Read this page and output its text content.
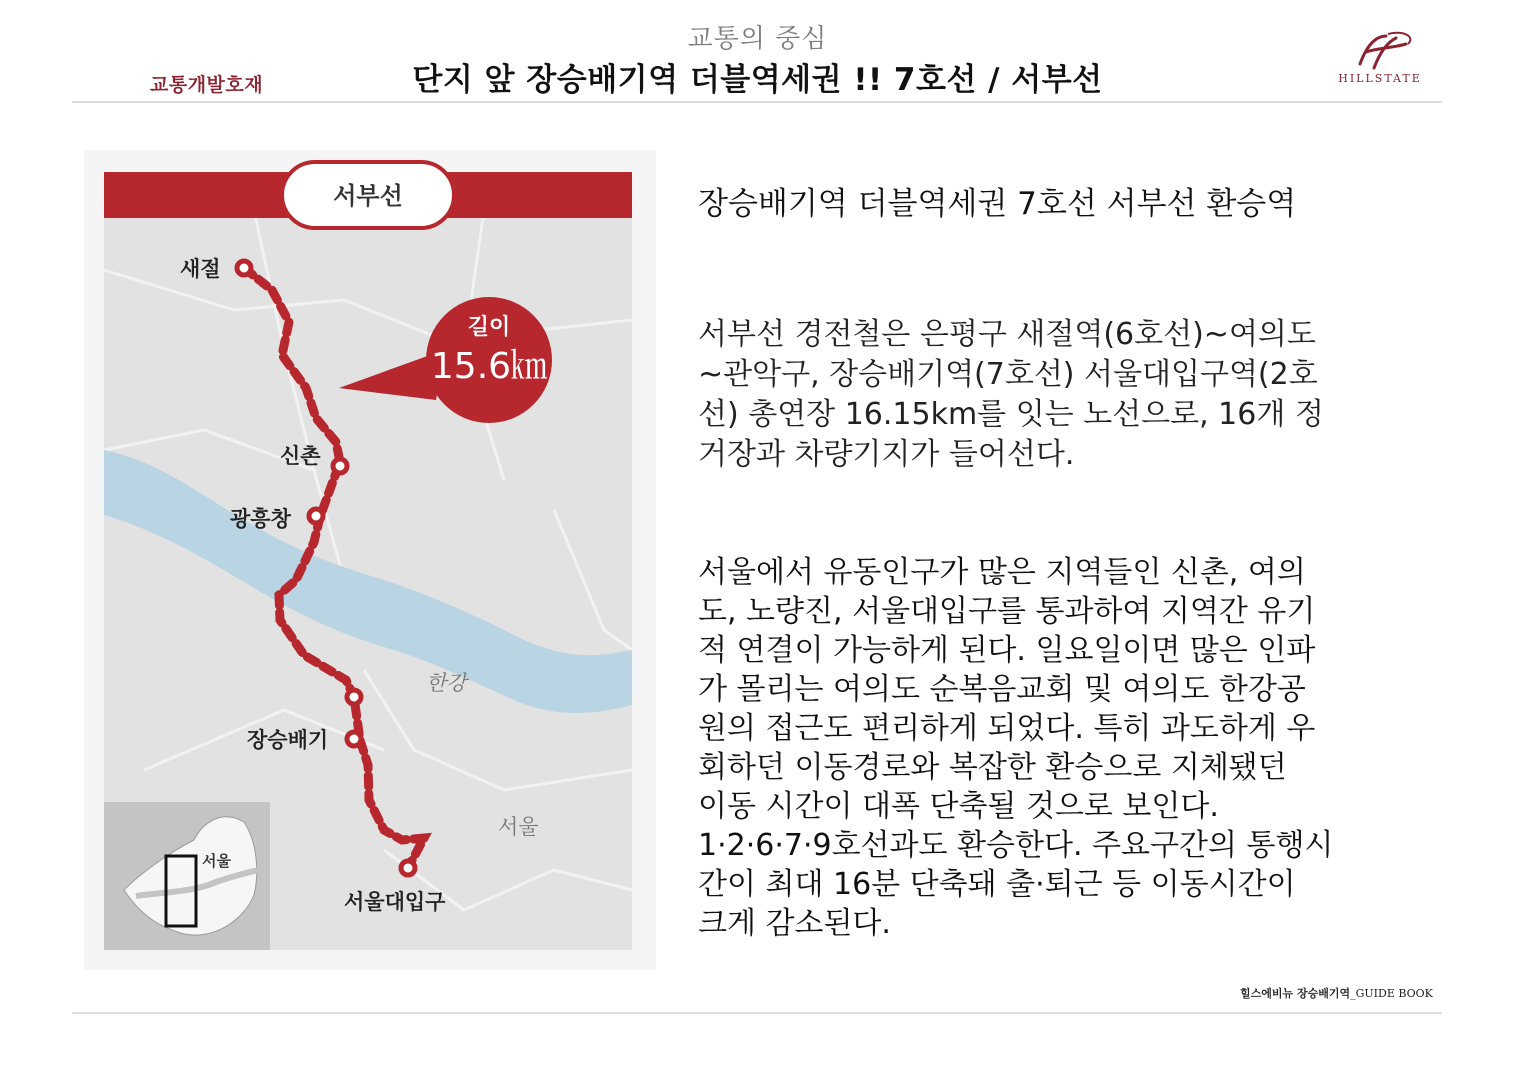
교통의 중심
단지 앞 장승배기역 더블역세권 !! 7호선 / 서부선
교통개발호재	HILLSTATE
서부선
길이
15.6㎞
새절
신촌
광흥창
장승배기
서울대입구
한강
서울
서울
장승배기역 더블역세권 7호선 서부선 환승역
서부선 경전철은 은평구 새절역(6호선)~여의도
~관악구, 장승배기역(7호선) 서울대입구역(2호
선) 총연장 16.15km를 잇는 노선으로, 16개 정
거장과 차량기지가 들어선다.
서울에서 유동인구가 많은 지역들인 신촌, 여의
도, 노량진, 서울대입구를 통과하여 지역간 유기
적 연결이 가능하게 된다. 일요일이면 많은 인파
가 몰리는 여의도 순복음교회 및 여의도 한강공
원의 접근도 편리하게 되었다. 특히 과도하게 우
회하던 이동경로와 복잡한 환승으로 지체됐던
이동 시간이 대폭 단축될 것으로 보인다.
1·2·6·7·9호선과도 환승한다. 주요구간의 통행시
간이 최대 16분 단축돼 출·퇴근 등 이동시간이
크게 감소된다.
힐스에비뉴 장승배기역_GUIDE BOOK
